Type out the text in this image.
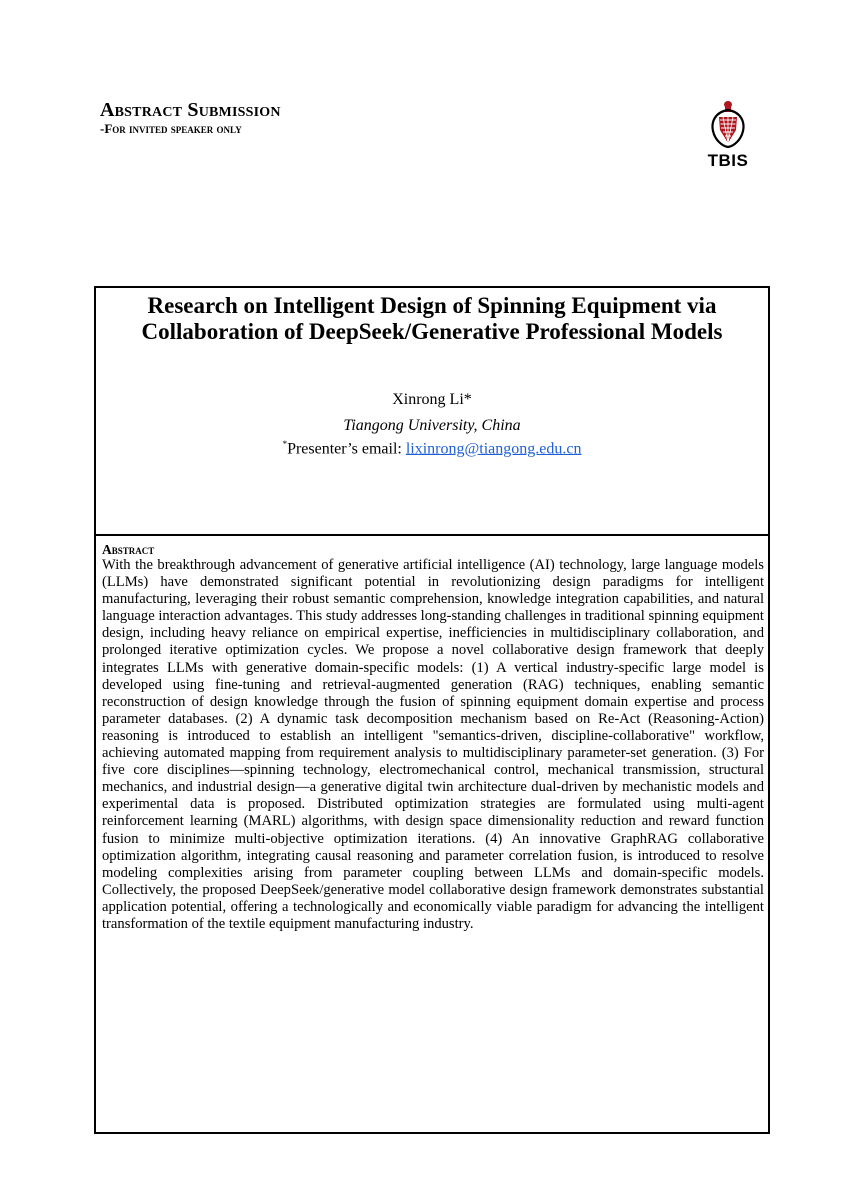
Abstract Submission

-For invited speaker only

TBIS
Research on Intelligent Design of Spinning Equipment via Collaboration of DeepSeek/Generative Professional Models
Xinrong Li*
Tiangong University, China
*Presenter’s email: lixinrong@tiangong.edu.cn
Abstract
With the breakthrough advancement of generative artificial intelligence (AI) technology, large language models (LLMs) have demonstrated significant potential in revolutionizing design paradigms for intelligent manufacturing, leveraging their robust semantic comprehension, knowledge integration capabilities, and natural language interaction advantages. This study addresses long-standing challenges in traditional spinning equipment design, including heavy reliance on empirical expertise, inefficiencies in multidisciplinary collaboration, and prolonged iterative optimization cycles. We propose a novel collaborative design framework that deeply integrates LLMs with generative domain-specific models: (1) A vertical industry-specific large model is developed using fine-tuning and retrieval-augmented generation (RAG) techniques, enabling semantic reconstruction of design knowledge through the fusion of spinning equipment domain expertise and process parameter databases. (2) A dynamic task decomposition mechanism based on Re-Act (Reasoning-Action) reasoning is introduced to establish an intelligent "semantics-driven, discipline-collaborative" workflow, achieving automated mapping from requirement analysis to multidisciplinary parameter-set generation. (3) For five core disciplines—spinning technology, electromechanical control, mechanical transmission, structural mechanics, and industrial design—a generative digital twin architecture dual-driven by mechanistic models and experimental data is proposed. Distributed optimization strategies are formulated using multi-agent reinforcement learning (MARL) algorithms, with design space dimensionality reduction and reward function fusion to minimize multi-objective optimization iterations. (4) An innovative GraphRAG collaborative optimization algorithm, integrating causal reasoning and parameter correlation fusion, is introduced to resolve modeling complexities arising from parameter coupling between LLMs and domain-specific models. Collectively, the proposed DeepSeek/generative model collaborative design framework demonstrates substantial application potential, offering a technologically and economically viable paradigm for advancing the intelligent transformation of the textile equipment manufacturing industry.
